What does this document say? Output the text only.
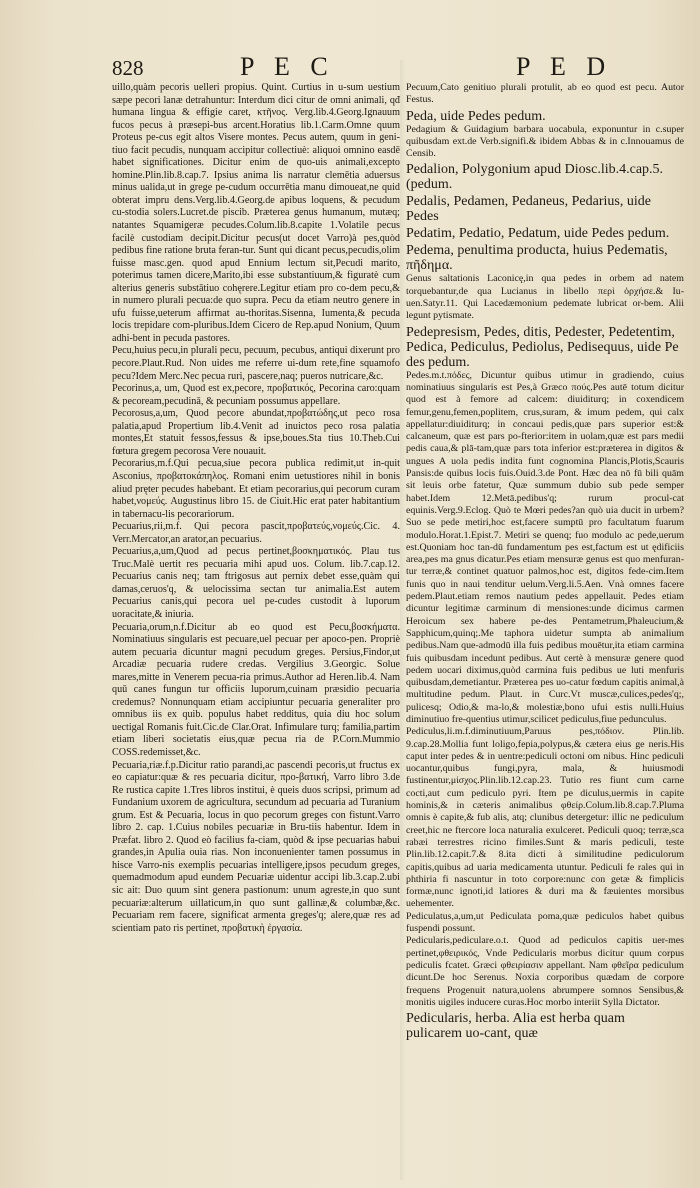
828	P E C	P E D

uillo,quàm pecoris uelleri propius. Quint. Curtius in u-sum uestium sæpe pecori lanæ detrahuntur: Interdum dici citur de omni animali, qđ humana lingua & effigie caret, κτῆνος. Verg.lib.4.Georg.Ignauum fucos pecus à præsepi-bus arcent.Horatius lib.1.Carm.Omne quum Proteus pe-cus egit altos Visere montes. Pecus autem, quum in geni-tiuo facit pecudis, nunquam accipitur collectiuè: aliquoi omnino easdē habet significationes. Dicitur enim de quo-uis animali,excepto homine.Plin.lib.8.cap.7. Ipsius anima lis narratur clemētia aduersus minus ualida,ut in grege pe-cudum occurrētia manu dimoueat,ne quid obterat impru dens.Verg.lib.4.Georg.de apibus loquens, & pecudum cu-stodia solers.Lucret.de piscib. Præterea genus humanum, mutæq; natantes Squamigeræ pecudes.Colum.lib.8.capite 1.Volatile pecus facilè custodiam decipit.Dicitur pecus(ut docet Varro)à pes,quòd pedibus fine ratione bruta feran-tur. Sunt qui dicant pecus,pecudis,olim fuisse masc.gen. quod apud Ennium lectum sit,Pecudi marito, poterimus tamen dicere,Marito,ibi esse substantiuum,& figuratè cum alterius generis substātiuo cohęrere.Legitur etiam pro co-dem pecu,& in numero plurali pecua:de quo supra. Pecu da etiam neutro genere in ufu fuisse,ueterum affirmat au-thoritas.Sisenna, Iumenta,& pecuda locis trepidare com-pluribus.Idem Cicero de Rep.apud Nonium, Quum adhi-bent in pecuda pastores.

Pecu,huius pecu,in plurali pecu, pecuum, pecubus, antiqui dixerunt pro pecore.Plaut.Rud. Non uides me referre ui-dum rete,fine squamofo pecu?Idem Merc.Nec pecua ruri, pascere,naq; pueros nutricare,&c.

Pecorinus,a, um, Quod est ex,pecore, προβατικός, Pecorina caro:quam & pecoream,pecudinā, & pecuniam possumus appellare.

Pecorosus,a,um, Quod pecore abundat,προβατώδης,ut peco rosa palatia,apud Propertium lib.4.Venit ad inuictos peco rosa palatia montes,Et statuit fessos,fessus & ipse,boues.Sta tius 10.Theb.Cui fœtura gregem pecorosa Vere nouauit.

Pecorarius,m.f.Qui pecua,siue pecora publica redimit,ut in-quit Asconius, προβατοκάπηλος. Romani enim uetustiores nihil in bonis aliud pręter pecudes habebant. Et etiam pecorarius,qui pecorum curam habet,νομεύς. Augustinus libro 15. de Ciuit.Hic erat pater habitantium in tabernacu-lis pecorariorum.

Pecuarius,rii,m.f. Qui pecora pascit,προβατεύς,νομεύς.Cic. 4. Verr.Mercator,an arator,an pecuarius.

Pecuarius,a,um,Quod ad pecus pertinet,βοσκηματικός. Plau tus Truc.Malè uertit res pecuaria mihi apud uos. Colum. lib.7.cap.12. Pecuarius canis neq; tam ftrigosus aut pernix debet esse,quàm qui damas,ceruos'q, & uelocissima sectan tur animalia.Est autem Pecuarius canis,qui pecora uel pe-cudes custodit à luporum uoracitate,& iniuria.

Pecuaria,orum,n.f.Dicitur ab eo quod est Pecu,βοσκήματα. Nominatiuus singularis est pecuare,uel pecuar per apoco-pen. Propriè autem pecuaria dicuntur magni pecudum greges. Persius,Findor,ut Arcadiæ pecuaria rudere credas. Vergilius 3.Georgic. Solue mares,mitte in Venerem pecua-ria primus.Author ad Heren.lib.4. Nam quū canes fungun tur officiis luporum,cuinam præsidio pecuaria credemus? Nonnunquam etiam accipiuntur pecuaria generaliter pro omnibus iis ex quib. populus habet redditus, quia diu hoc solum uectigal Romanis fuit.Cic.de Clar.Orat. Infimulare turq; familia,partim etiam liberi societatis eius,quæ pecua ria de P.Corn.Mummio COSS.redemisset,&c.

Pecuaria,riæ.f.p.Dicitur ratio parandi,ac pascendi pecoris,ut fructus ex eo capiatur:quæ & res pecuaria dicitur, προ-βατική, Varro libro 3.de Re rustica capite 1.Tres libros institui, è queis duos scripsi, primum ad Fundanium uxorem de agricultura, secundum ad pecuaria ad Turanium grum. Est & Pecuaria, locus in quo pecorum greges con fistunt.Varro libro 2. cap. 1.Cuius nobiles pecuariæ in Bru-tiis habentur. Idem in Præfat. libro 2. Quod eò facilius fa-ciam, quòd & ipse pecuarias habui grandes,in Apulia ouia rias. Non inconuenienter tamen possumus in hisce Varro-nis exemplis pecuarias intelligere,ipsos pecudum greges, quemadmodum apud eundem Pecuariæ uidentur accipi lib.3.cap.2.ubi sic ait: Duo quum sint genera pastionum: unum agreste,in quo sunt pecuariæ:alterum uillaticum,in quo sunt gallinæ,& columbæ,&c. Pecuariam rem facere, significat armenta greges'q; alere,quæ res ad scientiam pato ris pertinet, προβατικὴ ἐργασία.

Pecuum,Cato genitiuo plurali protulit, ab eo quod est pecu. Autor Festus.

Peda, uide Pedes pedum.

Pedagium & Guidagium barbara uocabula, exponuntur in c.super quibusdam ext.de Verb.signifi.& ibidem Abbas & in c.Innouamus de Censib.

Pedalion, Polygonium apud Diosc.lib.4.cap.5. (pedum.

Pedalis, Pedamen, Pedaneus, Pedarius, uide Pedes

Pedatim, Pedatio, Pedatum, uide Pedes pedum.

Pedema, penultima producta, huius Pedematis, πῆδημα.

Genus saltationis Laconicę,in qua pedes in orbem ad natem torquebantur,de qua Lucianus in libello περὶ ὀρχήσε.& Iu-uen.Satyr.11. Qui Lacedæmonium pedemate lubricat or-bem. Alii legunt pytismate.

Pedepresism, Pedes, ditis, Pedester, Pedetentim, Pedica, Pediculus, Pediolus, Pedisequus, uide Pe des pedum.

Pedes.m.t.πόδες, Dicuntur quibus utimur in gradiendo, cuius nominatiuus singularis est Pes,à Græco πούς.Pes autē totum dicitur quod est à femore ad calcem: diuiditurq; in coxendicem femur,genu,femen,poplitem, crus,suram, & imum pedem, qui calx appellatur:diuiditurq; in concaui pedis,quæ pars superior est:& calcaneum, quæ est pars po-fterior:item in uolam,quæ est pars medii pedis caua,& plā-tam,quæ pars tota inferior est:præterea in digitos & ungues A uola pedis indita funt cognomina Plancis,Plotis,Scauris Pansis:de quibus locis fuis.Ouid.3.de Pont. Hæc dea nō fū bili quām sit leuis orbe fatetur, Quæ summum dubio sub pede semper habet.Idem 12.Metā.pedibus'q; rurum procul-cat equinis.Verg.9.Eclog. Quò te Mœri pedes?an quò uia ducit in urbem?Suo se pede metiri,hoc est,facere sumptū pro facultatum fuarum modulo.Horat.1.Epist.7. Metiri se quenq; fuo modulo ac pede,uerum est.Quoniam hoc tan-dū fundamentum pes est,factum est ut ędificiis area,pes ma gnus dicatur.Pes etiam mensuræ genus est quo menfuran-tur terræ,& continet quatuor palmos,hoc est, digitos fede-cim.Item funis quo in naui tenditur uelum.Verg.li.5.Aen. Vnà omnes facere pedem.Plaut.etiam remos nautium pedes appellauit. Pedes etiam dicuntur legitimæ carminum di mensiones:unde dicimus carmen Heroicum sex habere pe-des Pentametrum,Phaleucium,& Sapphicum,quinq;.Me taphora uidetur sumpta ab animalium pedibus.Nam que-admodū illa fuis pedibus mouētur,ita etiam carmina fuis quibusdam incedunt pedibus. Aut certè à mensuræ genere quod pedem uocari diximus,quòd carmina fuis pedibus ue luti menfuris quibusdam,demetiantur. Præterea pes uo-catur fœdum capitis animal,à multitudine pedum. Plaut. in Curc.Vt muscæ,culices,pedes'q;, pulicesq; Odio,& ma-lo,& molestiæ,bono ufui estis nulli.Huius diminutiuo fre-quentius utimur,scilicet pediculus,fiue pedunculus.

Pediculus,li.m.f.diminutiuum,Paruus pes,πόδιον. Plin.lib. 9.cap.28.Mollia funt loligo,fepia,polypus,& cætera eius ge neris.His caput inter pedes & in uentre:pediculi octoni om nibus. Hinc pediculi uocantur,quibus fungi,pyra, mala, & huiusmodi fustinentur,μίσχος.Plin.lib.12.cap.23. Tutio res fiunt cum carne cocti,aut cum pediculo pyri. Item pe diculus,uermis in capite hominis,& in cæteris animalibus φθείρ.Colum.lib.8.cap.7.Pluma omnis è capite,& fub alis, atq; clunibus detergetur: illic ne pediculum creet,hic ne ftercore loca naturalia exulceret. Pediculi quoq; terræ,sca rabæi terrestres ricino fimiles.Sunt & maris pediculi, teste Plin.lib.12.capit.7.& 8.ita dicti à similitudine pediculorum capitis,quibus ad uaria medicamenta utuntur. Pediculi fe rales qui in phthiria fi nascuntur in toto corpore:nunc con getæ & fimplicis formæ,nunc ignoti,id latiores & duri ma & fæuientes morsibus uehementer.

Pediculatus,a,um,ut Pediculata poma,quæ pediculos habet quibus fuspendi possunt.

Pedicularis,pediculare.o.t. Quod ad pediculos capitis uer-mes pertinet,φθειρικός, Vnde Pedicularis morbus dicitur quum corpus pediculis fcatet. Græci φθειρίασιν appellant. Nam φθεῖρα pediculum dicunt.De hoc Serenus. Noxia corporibus quædam de corpore frequens Progenuit natura,uolens abrumpere somnos Sensibus,& monitis uigiles inducere curas.Hoc morbo interiit Sylla Dictator.

Pedicularis, herba. Alia est herba quam pulicarem uo-cant, quæ
